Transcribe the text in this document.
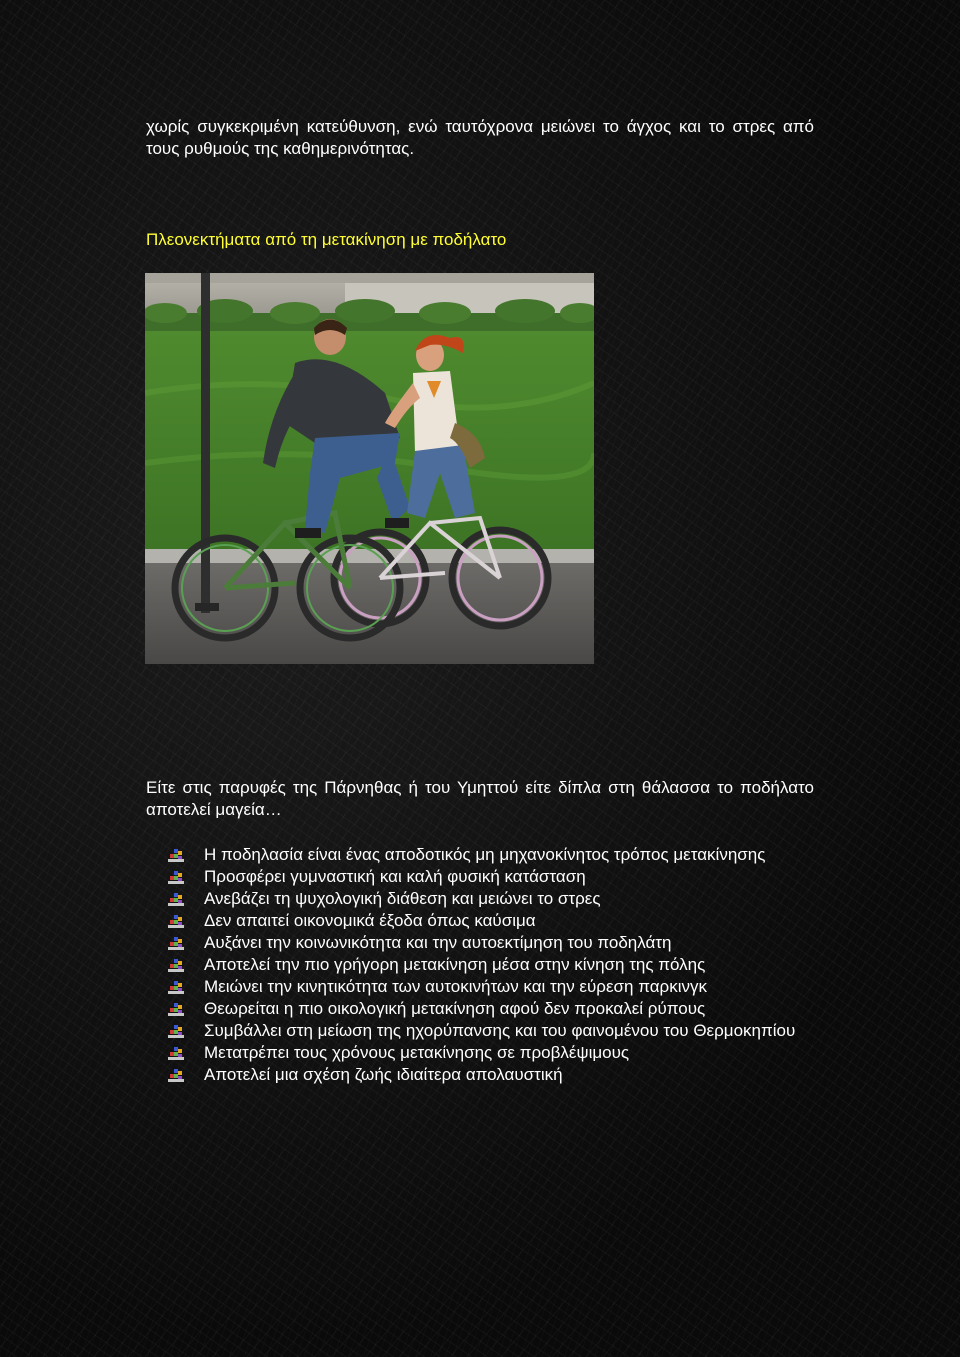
χωρίς συγκεκριμένη κατεύθυνση, ενώ ταυτόχρονα μειώνει το άγχος και το στρες από τους ρυθμούς της καθημερινότητας.

Πλεονεκτήματα από τη μετακίνηση με ποδήλατο

Είτε στις παρυφές της Πάρνηθας ή του Υμηττού είτε δίπλα στη θάλασσα το ποδήλατο αποτελεί μαγεία…

Η ποδηλασία είναι ένας αποδοτικός μη μηχανοκίνητος τρόπος μετακίνησης
Προσφέρει γυμναστική και καλή φυσική κατάσταση
Ανεβάζει τη ψυχολογική διάθεση και μειώνει το στρες
Δεν απαιτεί οικονομικά έξοδα όπως καύσιμα
Αυξάνει την κοινωνικότητα και την αυτοεκτίμηση του ποδηλάτη
Αποτελεί την πιο γρήγορη μετακίνηση μέσα στην κίνηση της πόλης
Μειώνει την κινητικότητα των αυτοκινήτων και την εύρεση παρκινγκ
Θεωρείται η πιο οικολογική μετακίνηση αφού δεν προκαλεί ρύπους
Συμβάλλει στη μείωση της ηχορύπανσης και του φαινομένου του Θερμοκηπίου
Μετατρέπει τους χρόνους μετακίνησης σε προβλέψιμους
Αποτελεί μια σχέση ζωής ιδιαίτερα απολαυστική
